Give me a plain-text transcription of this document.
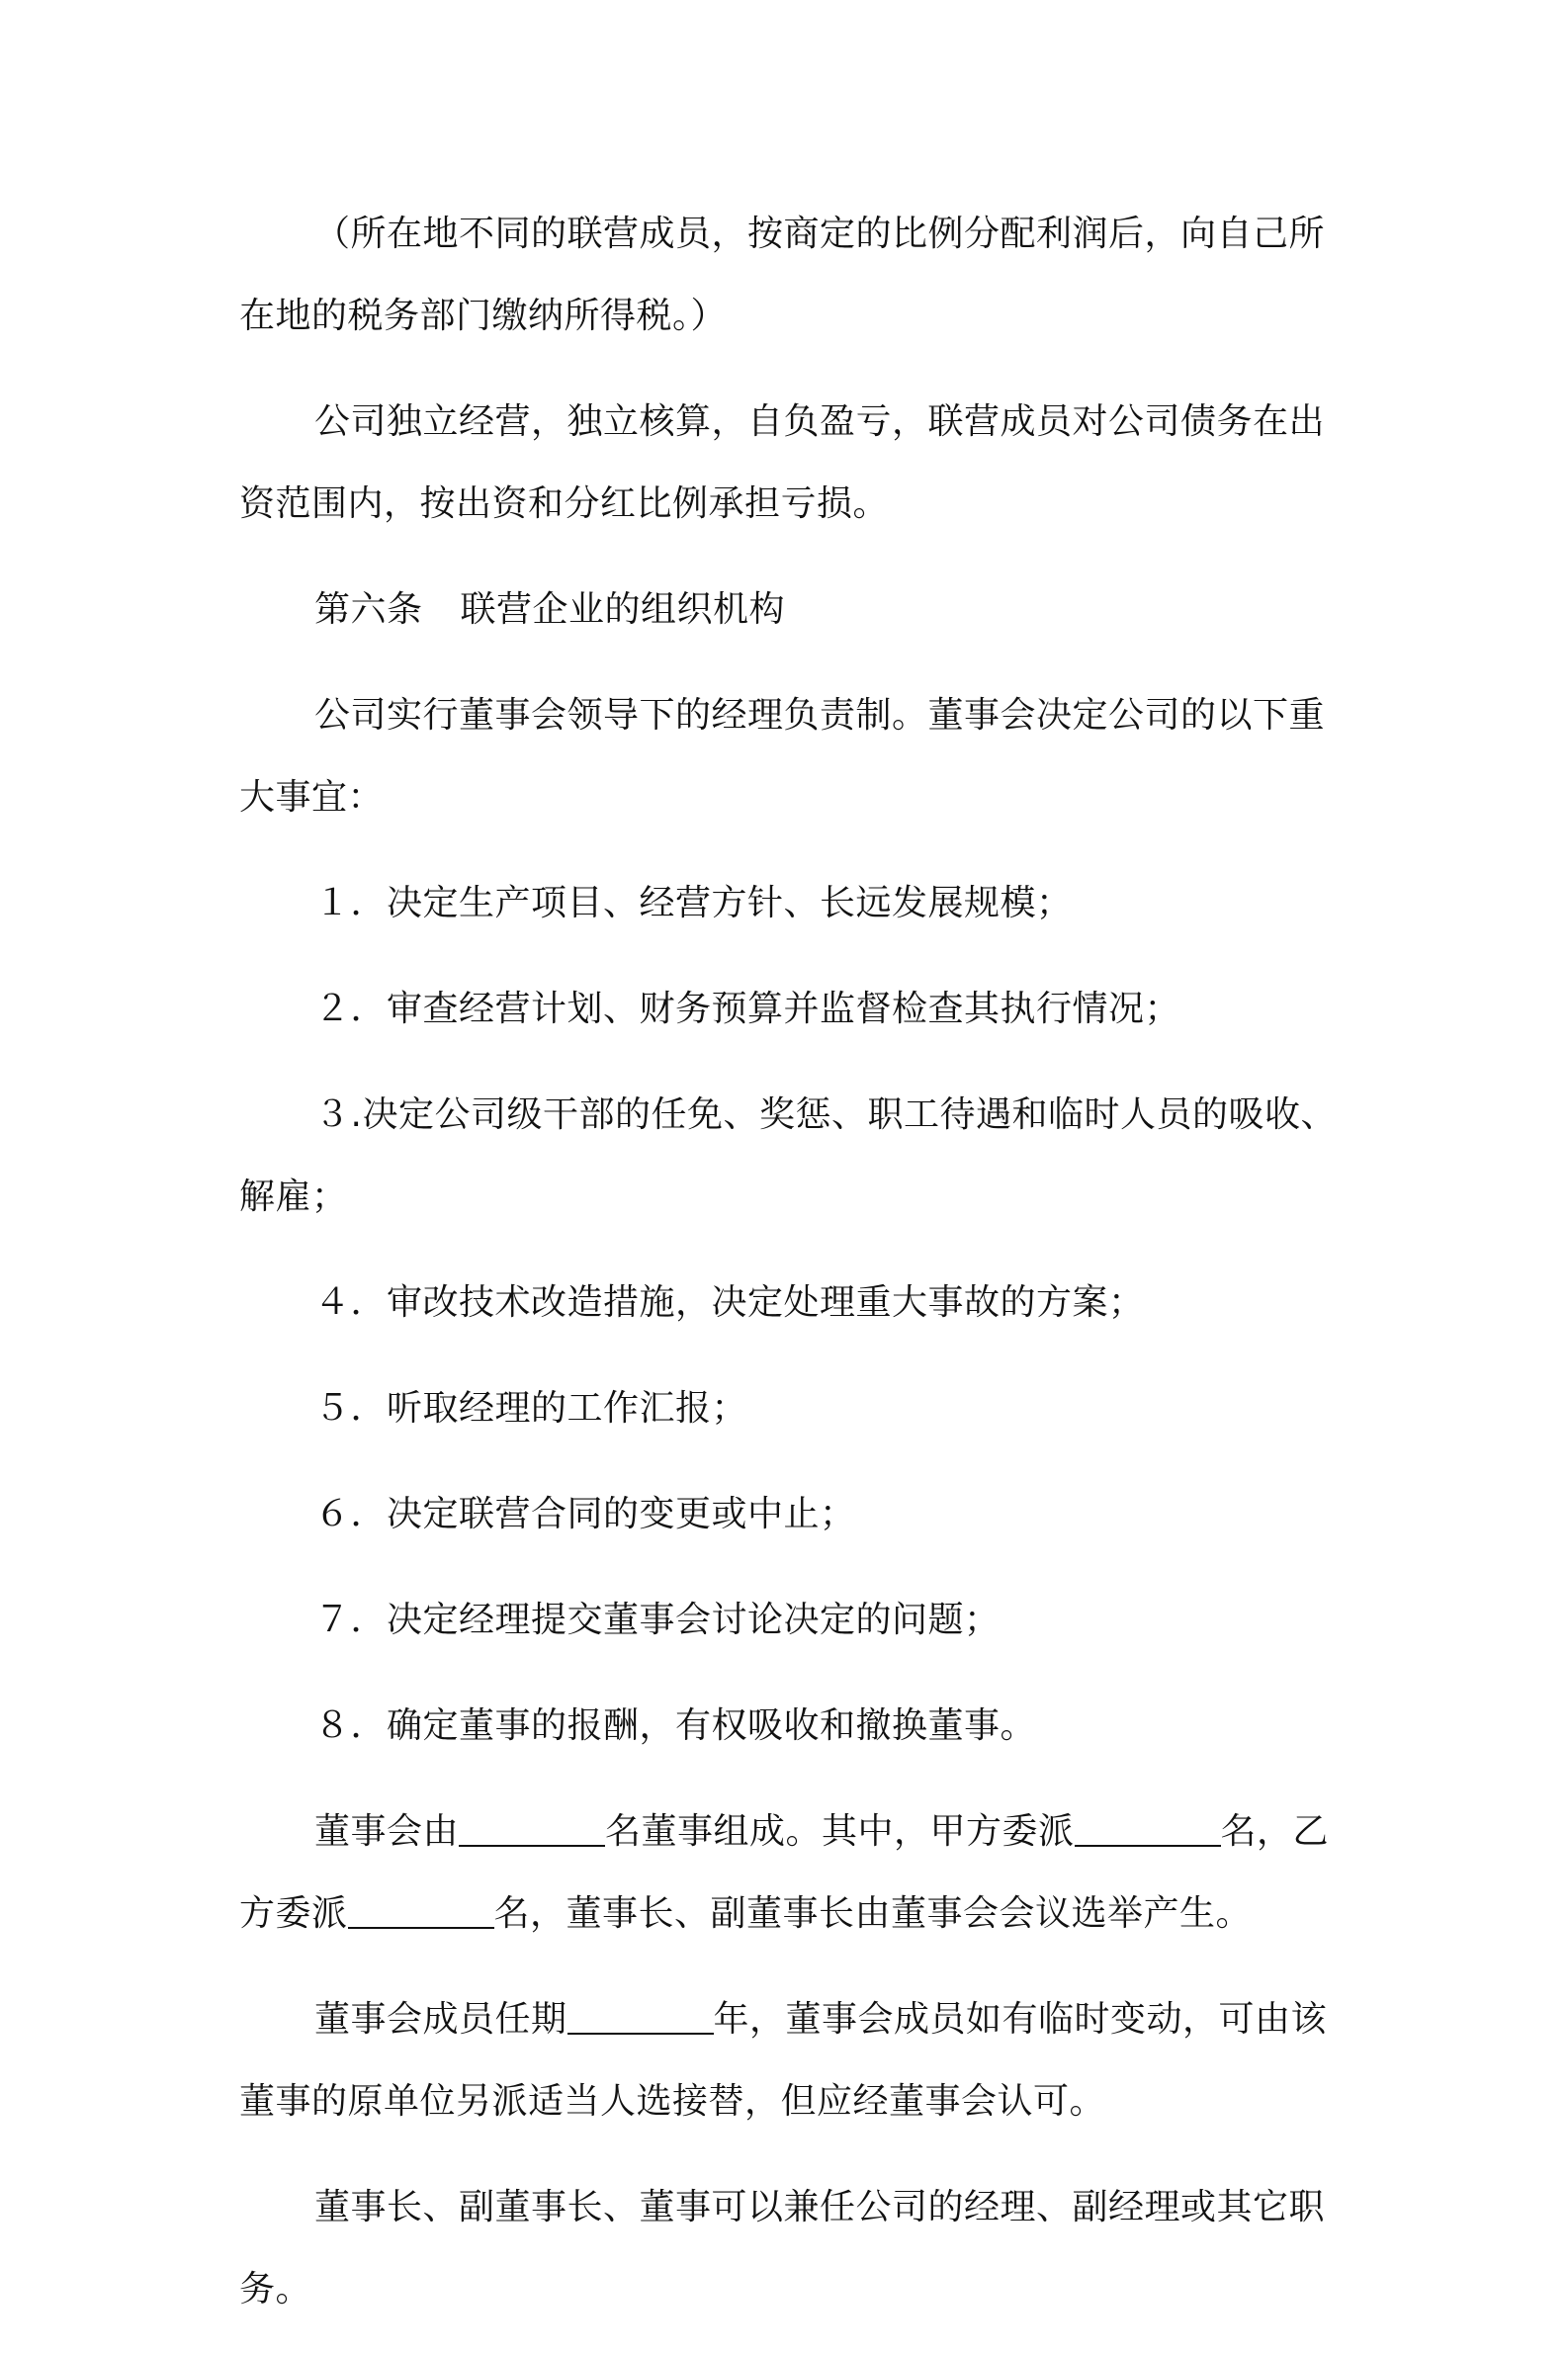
（所在地不同的联营成员，按商定的比例分配利润后，向自己所在地的税务部门缴纳所得税。）

公司独立经营，独立核算，自负盈亏，联营成员对公司债务在出资范围内，按出资和分红比例承担亏损。

第六条 联营企业的组织机构

公司实行董事会领导下的经理负责制。董事会决定公司的以下重大事宜：

１．决定生产项目、经营方针、长远发展规模；

２．审查经营计划、财务预算并监督检查其执行情况；

３.决定公司级干部的任免、奖惩、职工待遇和临时人员的吸收、解雇；

４．审改技术改造措施，决定处理重大事故的方案；

５．听取经理的工作汇报；

６．决定联营合同的变更或中止；

７．决定经理提交董事会讨论决定的问题；

８．确定董事的报酬，有权吸收和撤换董事。

董事会由	名董事组成。其中，甲方委派	名，乙方委派	名，董事长、副董事长由董事会会议选举产生。

董事会成员任期	年，董事会成员如有临时变动，可由该董事的原单位另派适当人选接替，但应经董事会认可。

董事长、副董事长、董事可以兼任公司的经理、副经理或其它职务。
